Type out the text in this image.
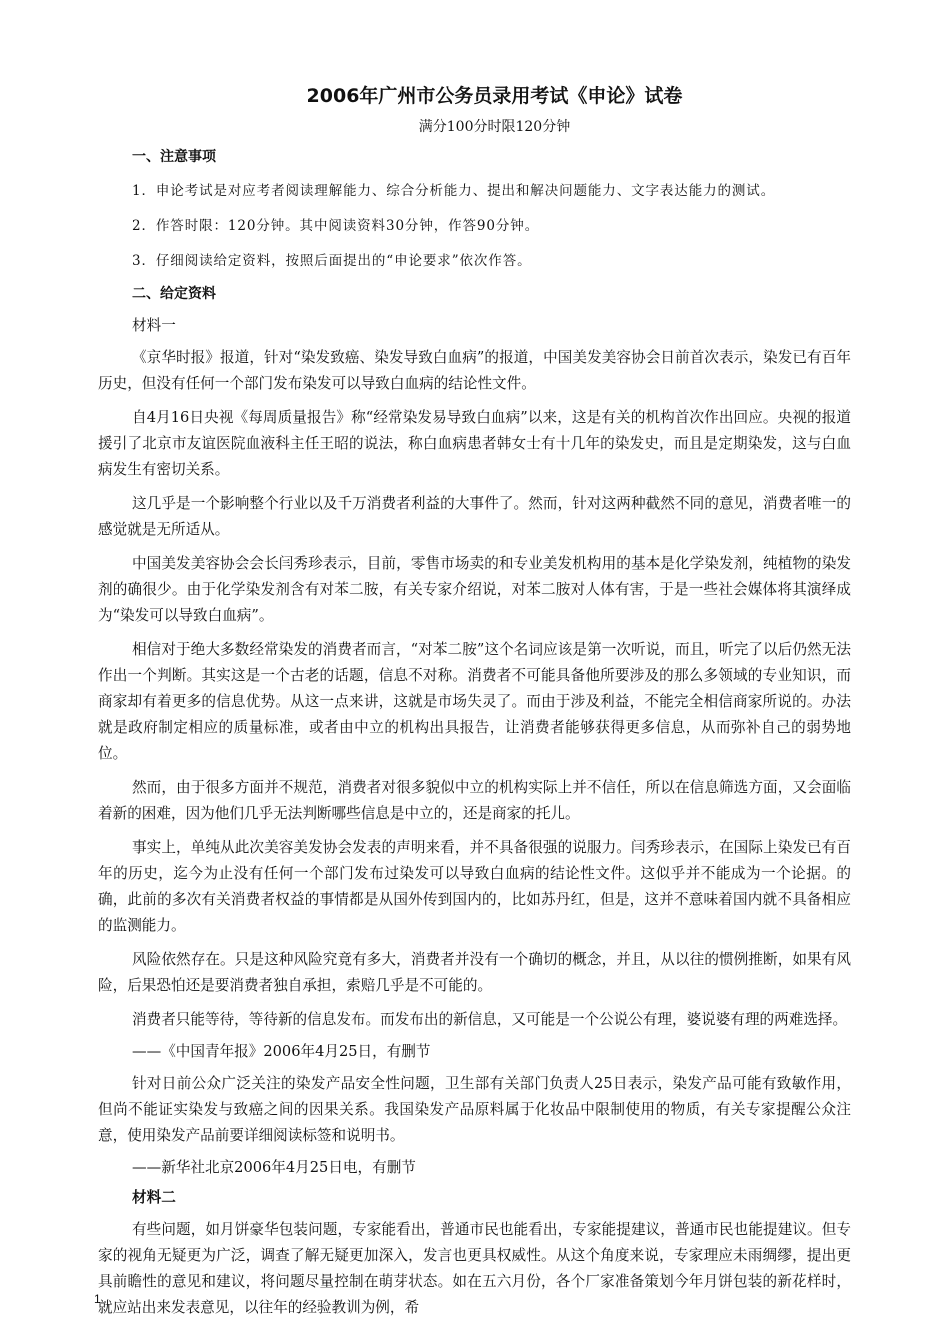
2006年广州市公务员录用考试《申论》试卷

满分100分时限120分钟

一、注意事项

1．申论考试是对应考者阅读理解能力、综合分析能力、提出和解决问题能力、文字表达能力的测试。

2．作答时限：120分钟。其中阅读资料30分钟，作答90分钟。

3．仔细阅读给定资料，按照后面提出的“申论要求”依次作答。

二、给定资料

材料一

《京华时报》报道，针对“染发致癌、染发导致白血病”的报道，中国美发美容协会日前首次表示，染发已有百年历史，但没有任何一个部门发布染发可以导致白血病的结论性文件。

自4月16日央视《每周质量报告》称“经常染发易导致白血病”以来，这是有关的机构首次作出回应。央视的报道援引了北京市友谊医院血液科主任王昭的说法，称白血病患者韩女士有十几年的染发史，而且是定期染发，这与白血病发生有密切关系。

这几乎是一个影响整个行业以及千万消费者利益的大事件了。然而，针对这两种截然不同的意见，消费者唯一的感觉就是无所适从。

中国美发美容协会会长闫秀珍表示，目前，零售市场卖的和专业美发机构用的基本是化学染发剂，纯植物的染发剂的确很少。由于化学染发剂含有对苯二胺，有关专家介绍说，对苯二胺对人体有害，于是一些社会媒体将其演绎成为“染发可以导致白血病”。

相信对于绝大多数经常染发的消费者而言，“对苯二胺”这个名词应该是第一次听说，而且，听完了以后仍然无法作出一个判断。其实这是一个古老的话题，信息不对称。消费者不可能具备他所要涉及的那么多领域的专业知识，而商家却有着更多的信息优势。从这一点来讲，这就是市场失灵了。而由于涉及利益，不能完全相信商家所说的。办法就是政府制定相应的质量标准，或者由中立的机构出具报告，让消费者能够获得更多信息，从而弥补自己的弱势地位。

然而，由于很多方面并不规范，消费者对很多貌似中立的机构实际上并不信任，所以在信息筛选方面，又会面临着新的困难，因为他们几乎无法判断哪些信息是中立的，还是商家的托儿。

事实上，单纯从此次美容美发协会发表的声明来看，并不具备很强的说服力。闫秀珍表示，在国际上染发已有百年的历史，迄今为止没有任何一个部门发布过染发可以导致白血病的结论性文件。这似乎并不能成为一个论据。的确，此前的多次有关消费者权益的事情都是从国外传到国内的，比如苏丹红，但是，这并不意味着国内就不具备相应的监测能力。

风险依然存在。只是这种风险究竟有多大，消费者并没有一个确切的概念，并且，从以往的惯例推断，如果有风险，后果恐怕还是要消费者独自承担，索赔几乎是不可能的。

消费者只能等待，等待新的信息发布。而发布出的新信息，又可能是一个公说公有理，婆说婆有理的两难选择。

——《中国青年报》2006年4月25日，有删节

针对日前公众广泛关注的染发产品安全性问题，卫生部有关部门负责人25日表示，染发产品可能有致敏作用，但尚不能证实染发与致癌之间的因果关系。我国染发产品原料属于化妆品中限制使用的物质，有关专家提醒公众注意，使用染发产品前要详细阅读标签和说明书。

——新华社北京2006年4月25日电，有删节

材料二

有些问题，如月饼豪华包装问题，专家能看出，普通市民也能看出，专家能提建议，普通市民也能提建议。但专家的视角无疑更为广泛，调查了解无疑更加深入，发言也更具权威性。从这个角度来说，专家理应未雨绸缪，提出更具前瞻性的意见和建议，将问题尽量控制在萌芽状态。如在五六月份，各个厂家准备策划今年月饼包装的新花样时，就应站出来发表意见，以往年的经验教训为例，希

1
